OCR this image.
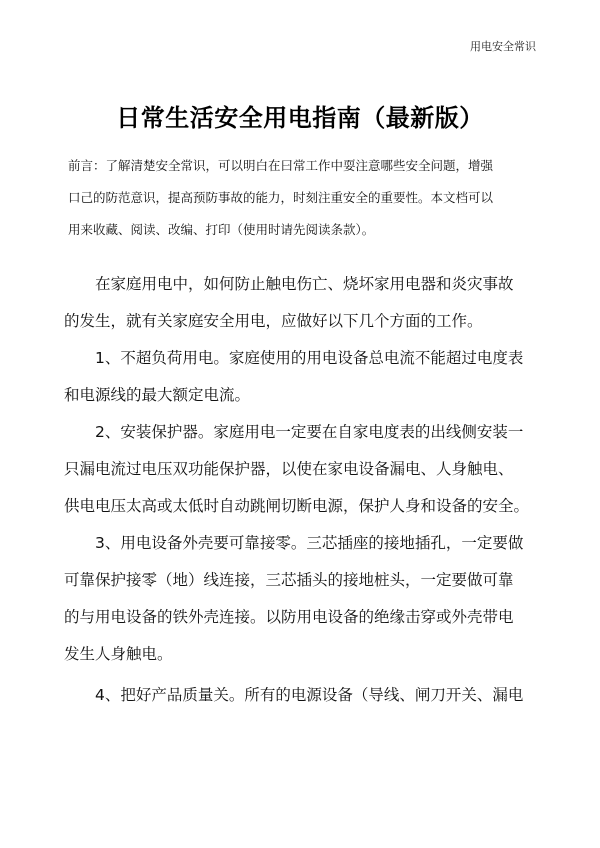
用电安全常识
日常生活安全用电指南（最新版）
前言：了解清楚安全常识，可以明白在曰常工作中耍注意哪些安全问题，增强
口己的防范意识，提高预防事故的能力，时刻注重安全的重要性。本文档可以
用来收藏、阅读、改编、打印（使用时请先阅读条款）。
在家庭用电中，如何防止触电伤亡、烧坏家用电器和炎灾事故
的发生，就有关家庭安全用电，应做好以下几个方面的工作。
1、不超负荷用电。家庭使用的用电设备总电流不能超过电度表
和电源线的最大额定电流。
2、安装保护器。家庭用电一定要在自家电度表的出线侧安装一
只漏电流过电压双功能保护器，以使在家电设备漏电、人身触电、
供电电压太高或太低时自动跳闸切断电源，保护人身和设备的安全。
3、用电设备外壳要可靠接零。三芯插座的接地插孔，一定要做
可靠保护接零（地）线连接，三芯插头的接地桩头，一定要做可靠
的与用电设备的铁外壳连接。以防用电设备的绝缘击穿或外壳带电
发生人身触电。
4、把好产品质量关。所有的电源设备（导线、闸刀开关、漏电
